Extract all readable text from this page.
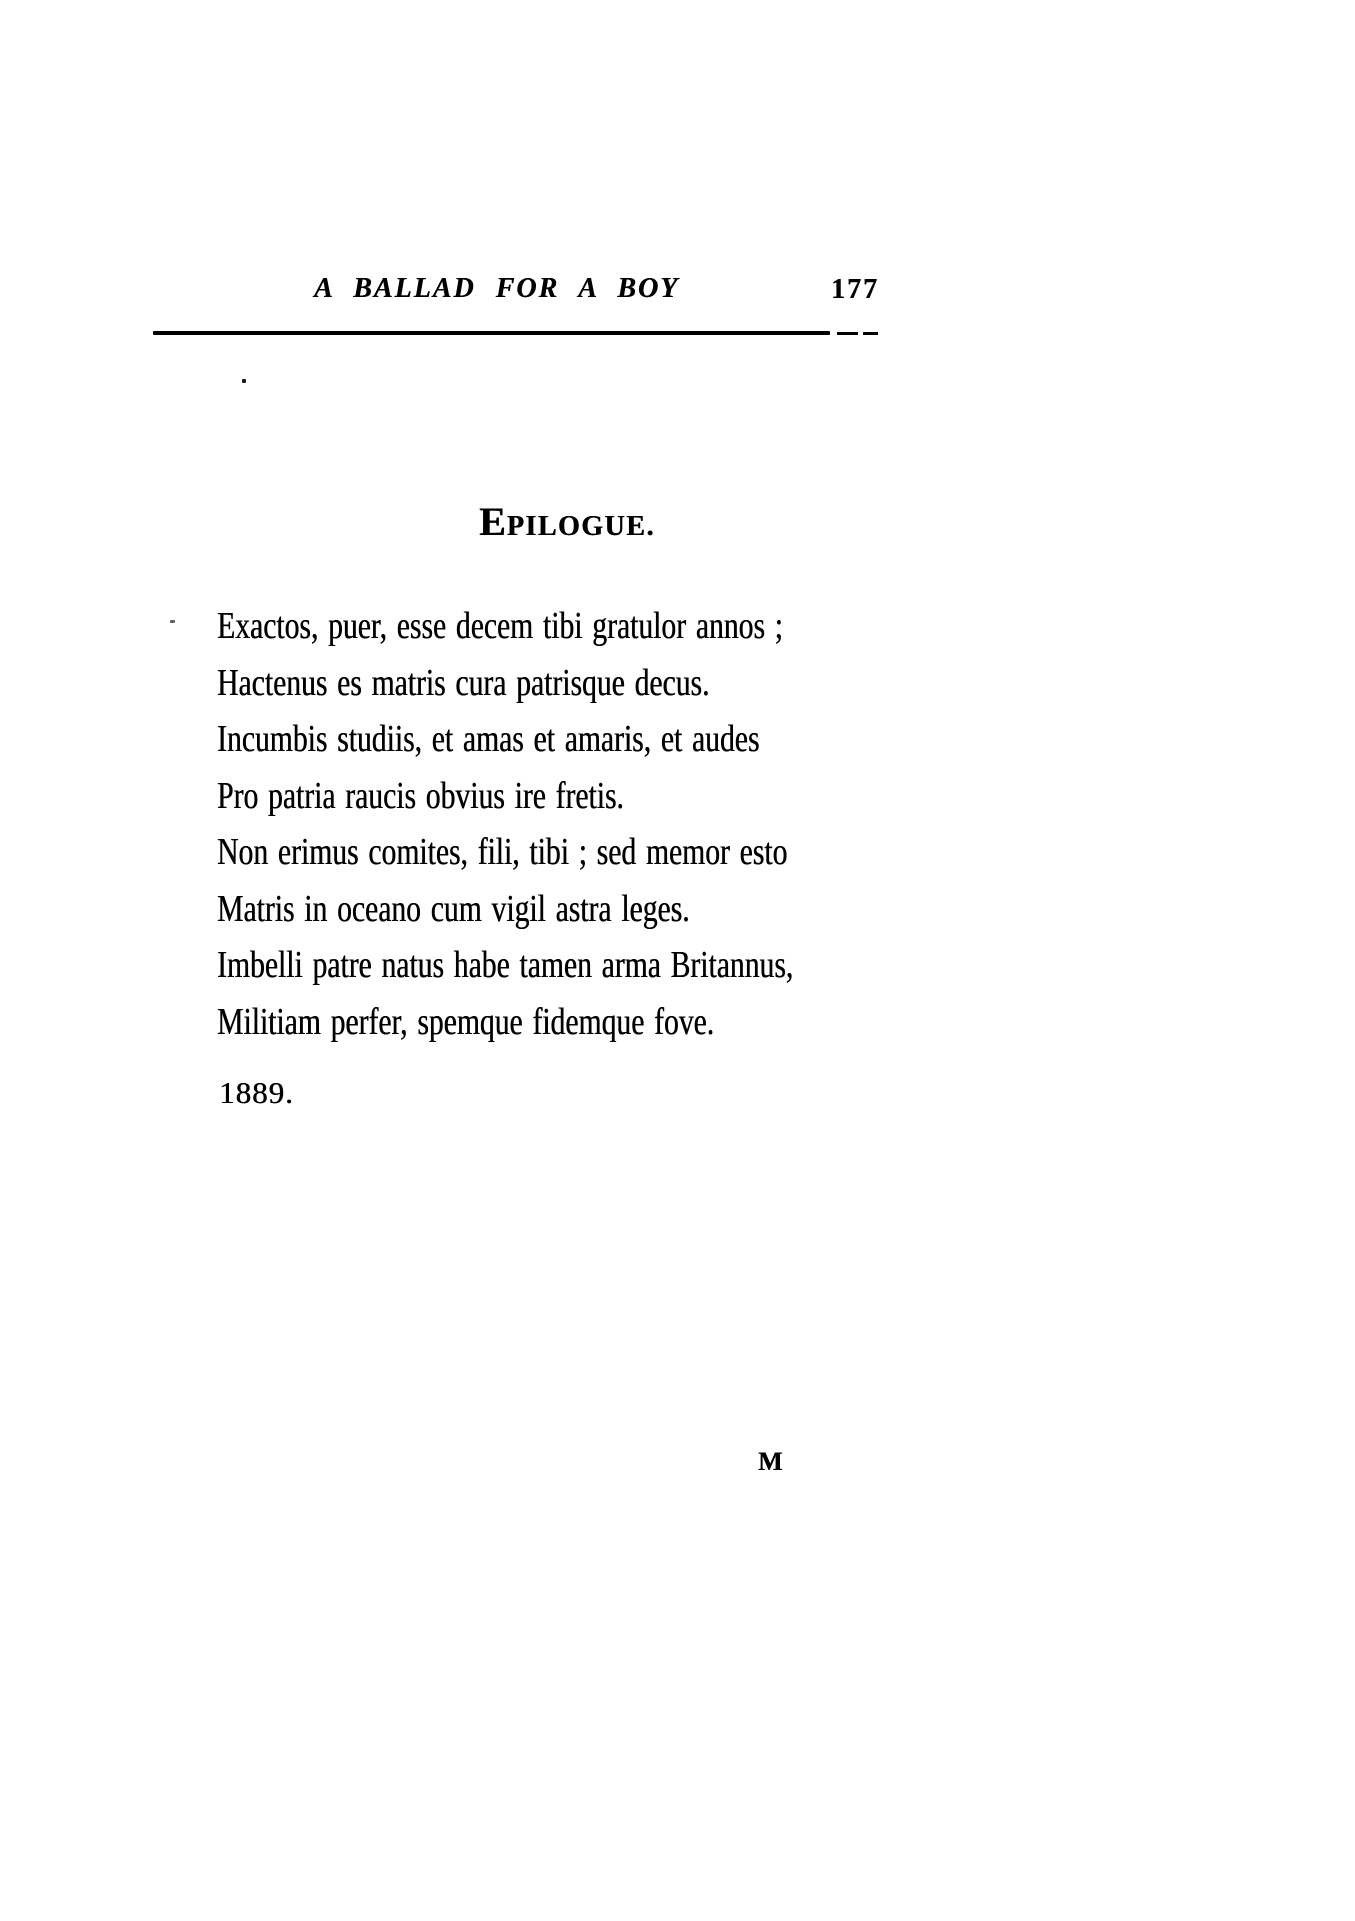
A BALLAD FOR A BOY	177
EPILOGUE.
Exactos, puer, esse decem tibi gratulor annos ;
Hactenus es matris cura patrisque decus.
Incumbis studiis, et amas et amaris, et audes
Pro patria raucis obvius ire fretis.
Non erimus comites, fili, tibi ; sed memor esto
Matris in oceano cum vigil astra leges.
Imbelli patre natus habe tamen arma Britannus,
Militiam perfer, spemque fidemque fove.
1889.
M
